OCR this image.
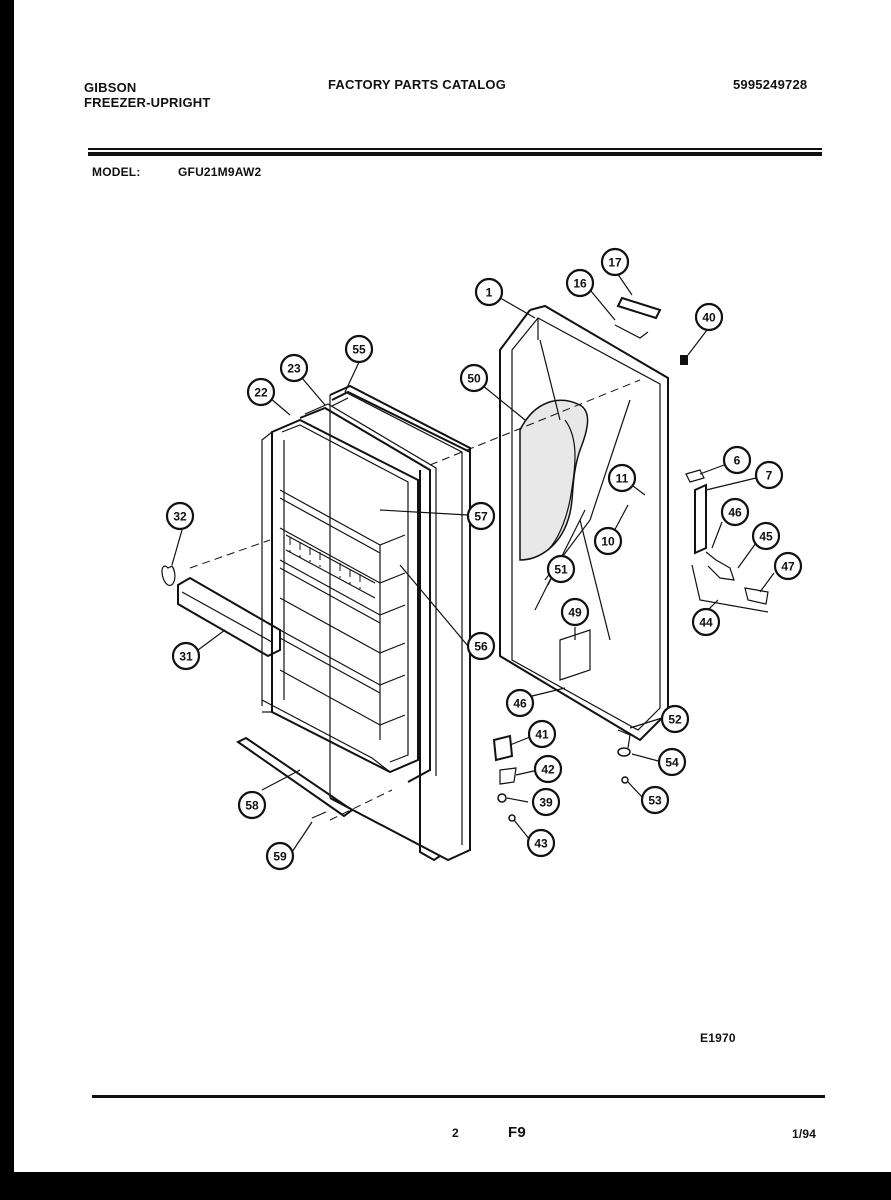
GIBSON
FREEZER-UPRIGHT
FACTORY PARTS CATALOG	5995249728
MODEL:	GFU21M9AW2
17
16
1
40
55
23
50
22
6
11	7
32	57	46
10	45
47
51
49
44
31
56
46
52
41
54
42
58	39	53
43
59
E1970
2	F9	1/94
